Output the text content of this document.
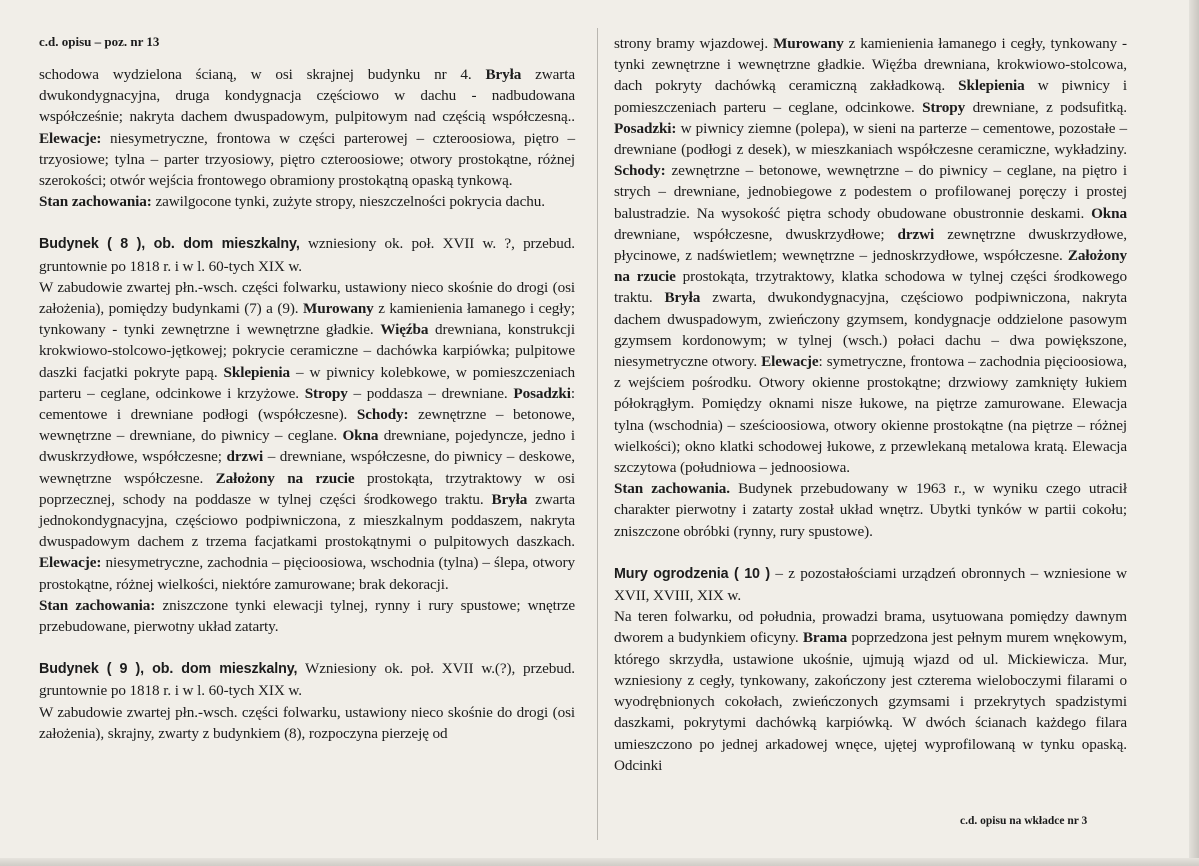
c.d. opisu – poz. nr 13

schodowa wydzielona ścianą, w osi skrajnej budynku nr 4. Bryła zwarta dwukondygnacyjna, druga kondygnacja częściowo w dachu - nadbudowana współcześnie; nakryta dachem dwuspadowym, pulpitowym nad częścią współczesną.. Elewacje: niesymetryczne, frontowa w części parterowej – czteroosiowa, piętro – trzyosiowe; tylna – parter trzyosiowy, piętro czteroosiowe; otwory prostokątne, różnej szerokości; otwór wejścia frontowego obramiony prostokątną opaską tynkową.

Stan zachowania: zawilgocone tynki, zużyte stropy, nieszczelności pokrycia dachu.

Budynek ( 8 ), ob. dom mieszkalny, wzniesiony ok. poł. XVII w. ?, przebud. gruntownie po 1818 r. i w l. 60-tych XIX w.

W zabudowie zwartej płn.-wsch. części folwarku, ustawiony nieco skośnie do drogi (osi założenia), pomiędzy budynkami (7) a (9). Murowany z kamienienia łamanego i cegły; tynkowany - tynki zewnętrzne i wewnętrzne gładkie. Więźba drewniana, konstrukcji krokwiowo-stolcowo-jętkowej; pokrycie ceramiczne – dachówka karpiówka; pulpitowe daszki facjatki pokryte papą. Sklepienia – w piwnicy kolebkowe, w pomieszczeniach parteru – ceglane, odcinkowe i krzyżowe. Stropy – poddasza – drewniane. Posadzki: cementowe i drewniane podłogi (współczesne). Schody: zewnętrzne – betonowe, wewnętrzne – drewniane, do piwnicy – ceglane. Okna drewniane, pojedyncze, jedno i dwuskrzydłowe, współczesne; drzwi – drewniane, współczesne, do piwnicy – deskowe, wewnętrzne współczesne. Założony na rzucie prostokąta, trzytraktowy w osi poprzecznej, schody na poddasze w tylnej części środkowego traktu. Bryła zwarta jednokondygnacyjna, częściowo podpiwniczona, z mieszkalnym poddaszem, nakryta dwuspadowym dachem z trzema facjatkami prostokątnymi o pulpitowych daszkach. Elewacje: niesymetryczne, zachodnia – pięcioosiowa, wschodnia (tylna) – ślepa, otwory prostokątne, różnej wielkości, niektóre zamurowane; brak dekoracji.

Stan zachowania: zniszczone tynki elewacji tylnej, rynny i rury spustowe; wnętrze przebudowane, pierwotny układ zatarty.

Budynek ( 9 ), ob. dom mieszkalny, Wzniesiony ok. poł. XVII w.(?), przebud. gruntownie po 1818 r. i w l. 60-tych XIX w.

W zabudowie zwartej płn.-wsch. części folwarku, ustawiony nieco skośnie do drogi (osi założenia), skrajny, zwarty z budynkiem (8), rozpoczyna pierzeję od

strony bramy wjazdowej. Murowany z kamienienia łamanego i cegły, tynkowany - tynki zewnętrzne i wewnętrzne gładkie. Więźba drewniana, krokwiowo-stolcowa, dach pokryty dachówką ceramiczną zakładkową. Sklepienia w piwnicy i pomieszczeniach parteru – ceglane, odcinkowe. Stropy drewniane, z podsufitką. Posadzki: w piwnicy ziemne (polepa), w sieni na parterze – cementowe, pozostałe – drewniane (podłogi z desek), w mieszkaniach współczesne ceramiczne, wykładziny. Schody: zewnętrzne – betonowe, wewnętrzne – do piwnicy – ceglane, na piętro i strych – drewniane, jednobiegowe z podestem o profilowanej poręczy i prostej balustradzie. Na wysokość piętra schody obudowane obustronnie deskami. Okna drewniane, współczesne, dwuskrzydłowe; drzwi zewnętrzne dwuskrzydłowe, płycinowe, z nadświetlem; wewnętrzne – jednoskrzydłowe, współczesne. Założony na rzucie prostokąta, trzytraktowy, klatka schodowa w tylnej części środkowego traktu. Bryła zwarta, dwukondygnacyjna, częściowo podpiwniczona, nakryta dachem dwuspadowym, zwieńczony gzymsem, kondygnacje oddzielone pasowym gzymsem kordonowym; w tylnej (wsch.) połaci dachu – dwa powiększone, niesymetryczne otwory. Elewacje: symetryczne, frontowa – zachodnia pięcioosiowa, z wejściem pośrodku. Otwory okienne prostokątne; drzwiowy zamknięty łukiem półokrągłym. Pomiędzy oknami nisze łukowe, na piętrze zamurowane. Elewacja tylna (wschodnia) – sześcioosiowa, otwory okienne prostokątne (na piętrze – różnej wielkości); okno klatki schodowej łukowe, z przewlekaną metalowa kratą. Elewacja szczytowa (południowa – jednoosiowa.

Stan zachowania. Budynek przebudowany w 1963 r., w wyniku czego utracił charakter pierwotny i zatarty został układ wnętrz. Ubytki tynków w partii cokołu; zniszczone obróbki (rynny, rury spustowe).

Mury ogrodzenia ( 10 ) – z pozostałościami urządzeń obronnych – wzniesione w XVII, XVIII, XIX w.

Na teren folwarku, od południa, prowadzi brama, usytuowana pomiędzy dawnym dworem a budynkiem oficyny. Brama poprzedzona jest pełnym murem wnękowym, którego skrzydła, ustawione ukośnie, ujmują wjazd od ul. Mickiewicza. Mur, wzniesiony z cegły, tynkowany, zakończony jest czterema wieloboczymi filarami o wyodrębnionych cokołach, zwieńczonych gzymsami i przekrytych spadzistymi daszkami, pokrytymi dachówką karpiówką. W dwóch ścianach każdego filara umieszczono po jednej arkadowej wnęce, ujętej wyprofilowaną w tynku opaską. Odcinki

c.d. opisu na wkładce nr 3
